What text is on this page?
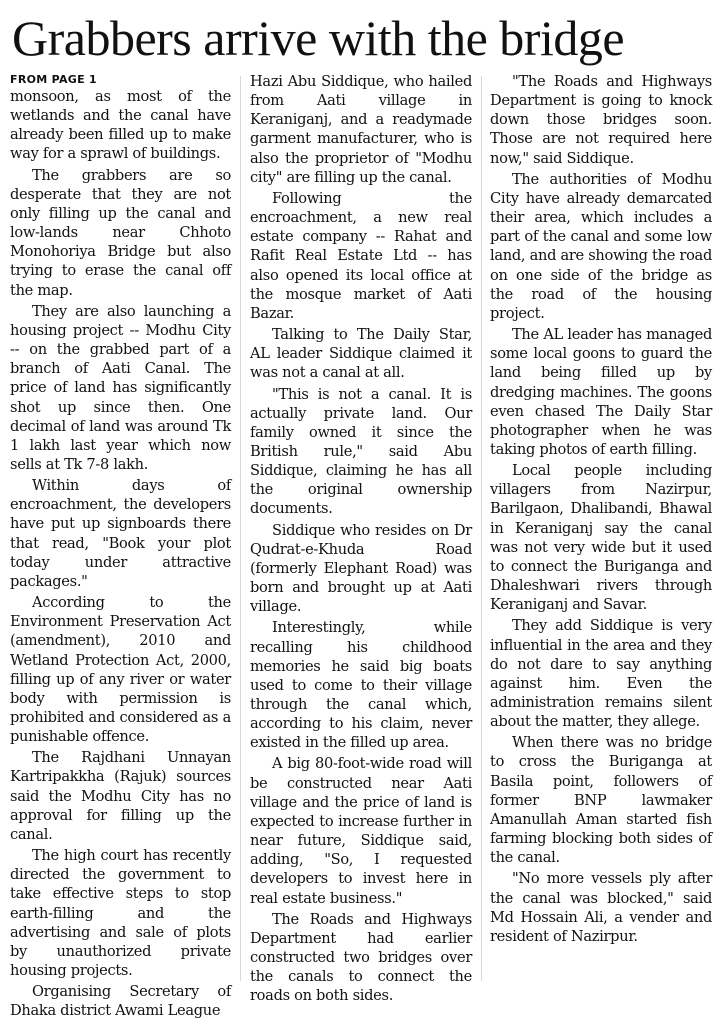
Grabbers arrive with the bridge
FROM PAGE 1

monsoon, as most of the wetlands and the canal have already been filled up to make way for a sprawl of buildings.

The grabbers are so desperate that they are not only filling up the canal and low-lands near Chhoto Monohoriya Bridge but also trying to erase the canal off the map.

They are also launching a housing project -- Modhu City -- on the grabbed part of a branch of Aati Canal. The price of land has significantly shot up since then. One decimal of land was around Tk 1 lakh last year which now sells at Tk 7-8 lakh.

Within days of encroachment, the developers have put up signboards there that read, "Book your plot today under attractive packages."

According to the Environment Preservation Act (amendment), 2010 and Wetland Protection Act, 2000, filling up of any river or water body with permission is prohibited and considered as a punishable offence.

The Rajdhani Unnayan Kartripakkha (Rajuk) sources said the Modhu City has no approval for filling up the canal.

The high court has recently directed the government to take effective steps to stop earth-filling and the advertising and sale of plots by unauthorized private housing projects.

Organising Secretary of Dhaka district Awami League

Hazi Abu Siddique, who hailed from Aati village in Keraniganj, and a readymade garment manufacturer, who is also the proprietor of "Modhu city" are filling up the canal.

Following the encroachment, a new real estate company -- Rahat and Rafit Real Estate Ltd -- has also opened its local office at the mosque market of Aati Bazar.

Talking to The Daily Star, AL leader Siddique claimed it was not a canal at all.

"This is not a canal. It is actually private land. Our family owned it since the British rule," said Abu Siddique, claiming he has all the original ownership documents.

Siddique who resides on Dr Qudrat-e-Khuda Road (formerly Elephant Road) was born and brought up at Aati village.

Interestingly, while recalling his childhood memories he said big boats used to come to their village through the canal which, according to his claim, never existed in the filled up area.

A big 80-foot-wide road will be constructed near Aati village and the price of land is expected to increase further in near future, Siddique said, adding, "So, I requested developers to invest here in real estate business."

The Roads and Highways Department had earlier constructed two bridges over the canals to connect the roads on both sides.

"The Roads and Highways Department is going to knock down those bridges soon. Those are not required here now," said Siddique.

The authorities of Modhu City have already demarcated their area, which includes a part of the canal and some low land, and are showing the road on one side of the bridge as the road of the housing project.

The AL leader has managed some local goons to guard the land being filled up by dredging machines. The goons even chased The Daily Star photographer when he was taking photos of earth filling.

Local people including villagers from Nazirpur, Barilgaon, Dhalibandi, Bhawal in Keraniganj say the canal was not very wide but it used to connect the Buriganga and Dhaleshwari rivers through Keraniganj and Savar.

They add Siddique is very influential in the area and they do not dare to say anything against him. Even the administration remains silent about the matter, they allege.

When there was no bridge to cross the Buriganga at Basila point, followers of former BNP lawmaker Amanullah Aman started fish farming blocking both sides of the canal.

"No more vessels ply after the canal was blocked," said Md Hossain Ali, a vender and resident of Nazirpur.
